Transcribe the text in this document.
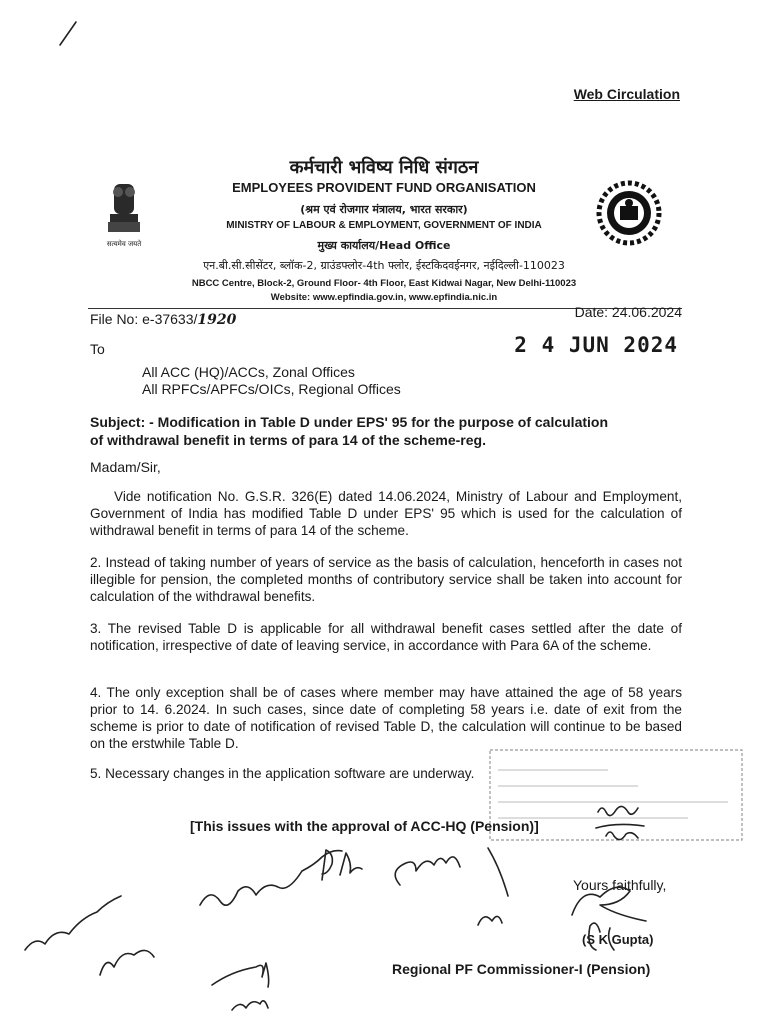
Web Circulation
सत्यमेव जयते
कर्मचारी भविष्य निधि संगठन
EMPLOYEES PROVIDENT FUND ORGANISATION
(श्रम एवं रोजगार मंत्रालय, भारत सरकार)
MINISTRY OF LABOUR & EMPLOYMENT, GOVERNMENT OF INDIA
मुख्य कार्यालय/Head Office
एन.बी.सी.सीसेंटर, ब्लॉक-2, ग्राउंडफ्लोर-4th फ्लोर, ईस्टकिदवईनगर, नईदिल्ली-110023
NBCC Centre, Block-2, Ground Floor- 4th Floor, East Kidwai Nagar, New Delhi-110023
Website: www.epfindia.gov.in, www.epfindia.nic.in
File No: e-37633/1920	Date: 24.06.2024
2 4 JUN 2024
To
All ACC (HQ)/ACCs, Zonal Offices
All RPFCs/APFCs/OICs, Regional Offices
Subject: - Modification in Table D under EPS' 95 for the purpose of calculation
of withdrawal benefit in terms of para 14 of the scheme-reg.
Madam/Sir,
Vide notification No. G.S.R. 326(E) dated 14.06.2024, Ministry of Labour and Employment, Government of India has modified Table D under EPS' 95 which is used for the calculation of withdrawal benefit in terms of para 14 of the scheme.
2. Instead of taking number of years of service as the basis of calculation, henceforth in cases not illegible for pension, the completed months of contributory service shall be taken into account for calculation of the withdrawal benefits.
3. The revised Table D is applicable for all withdrawal benefit cases settled after the date of notification, irrespective of date of leaving service, in accordance with Para 6A of the scheme.
4. The only exception shall be of cases where member may have attained the age of 58 years prior to 14. 6.2024. In such cases, since date of completing 58 years i.e. date of exit from the scheme is prior to date of notification of revised Table D, the calculation will continue to be based on the erstwhile Table D.
5. Necessary changes in the application software are underway.
[This issues with the approval of ACC-HQ (Pension)]
Yours faithfully,
(S K Gupta)
Regional PF Commissioner-I (Pension)
